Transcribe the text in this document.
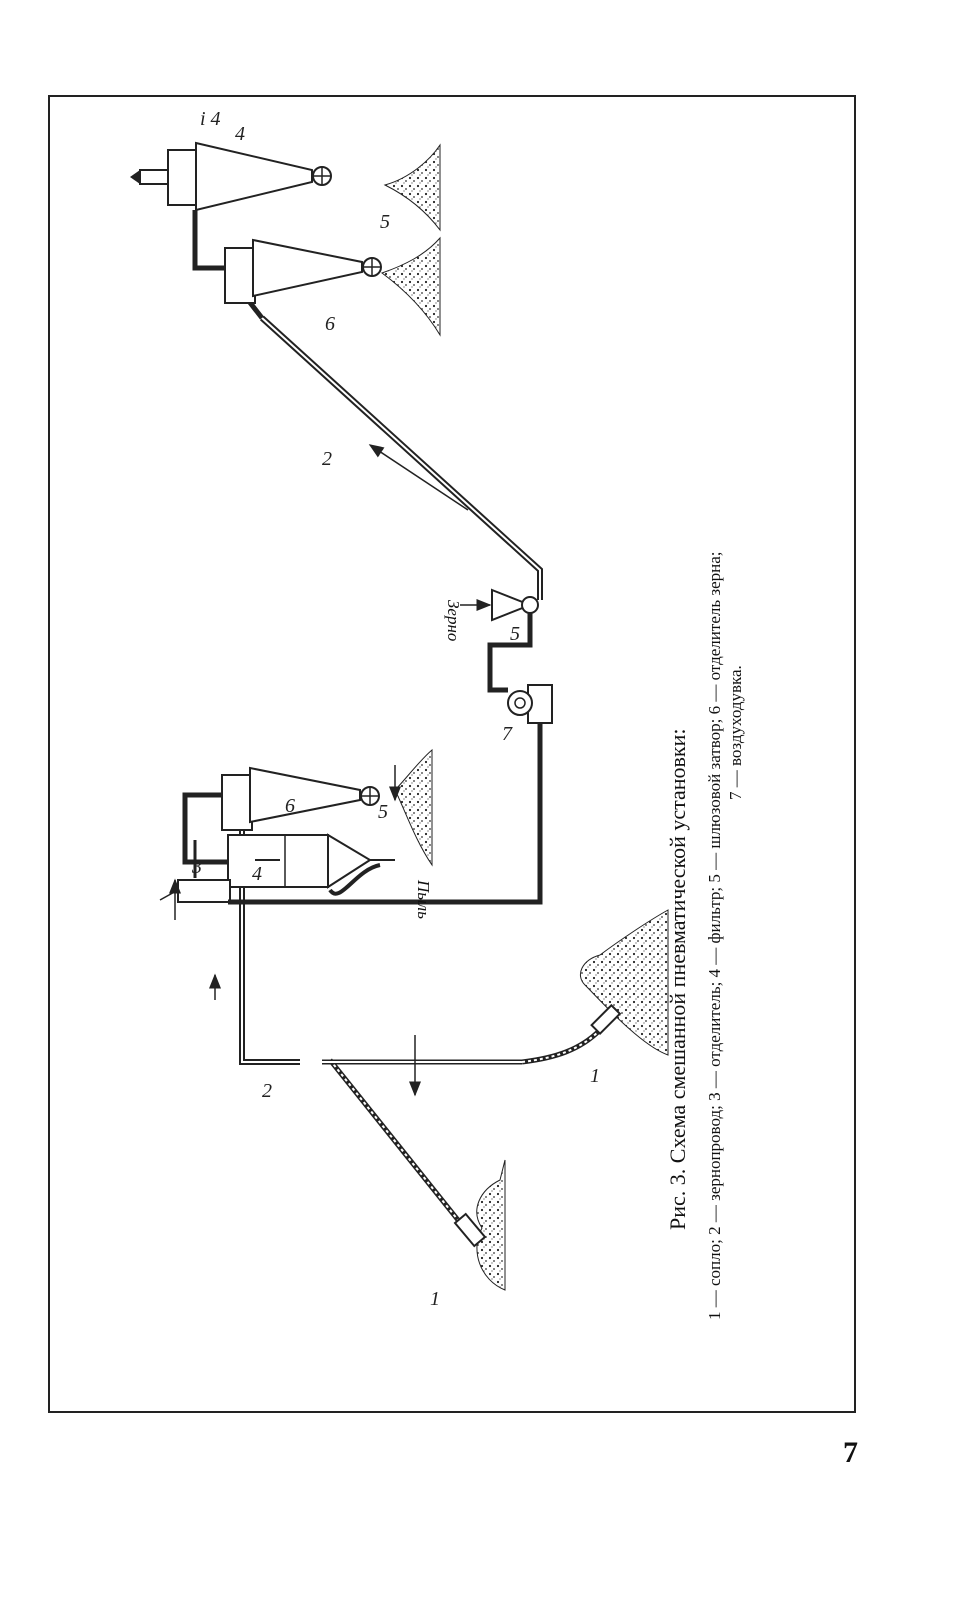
2
1
1
6	5
4
3
7
5
2
6
5
4
і 4
Пыль
Зерно
Рис. 3. Схема смешанной пневматической установки: 1 — сопло; 2 — зернопровод; 3 — отделитель; 4 — фильтр; 5 — шлюзовой затвор; 6 — отделитель зерна; 7 — воздуходувка.
7
